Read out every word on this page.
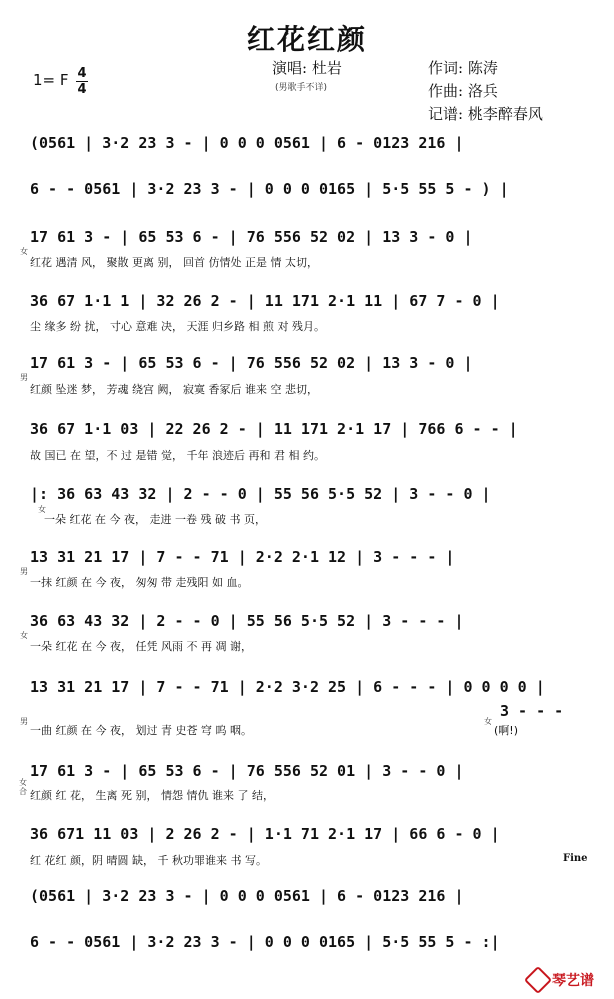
红花红颜
1= F 4
4
演唱: 杜岩
(男歌手不详)
作词: 陈涛
作曲: 洛兵
记谱: 桃李醉春风
(0561 | 3·2 23 3 - | 0 0 0 0561 | 6 - 0123 216 |
6 - - 0561 | 3·2 23 3 - | 0 0 0 0165 | 5·5 55 5 - ) |
17 61 3 - | 65 53 6 - | 76 556 52 02 | 13 3 - 0 |
女
红花 遇清 风， 聚散 更离 别， 回首 仿情处 正是 情 太切，
36 67 1·1 1 | 32 26 2 - | 11 171 2·1 11 | 67 7 - 0 |
尘 缘多 纷 扰， 寸心 意难 决， 天涯 归乡路 相 煎 对 残月。
17 61 3 - | 65 53 6 - | 76 556 52 02 | 13 3 - 0 |
男
红颜 坠迷 梦， 芳魂 绕宫 阙， 寂寞 香冢后 谁来 空 悲切，
36 67 1·1 03 | 22 26 2 - | 11 171 2·1 17 | 766 6 - - |
故 国已 在 望，不 过 是错 觉， 千年 浪迹后 再和 君 相 约。
|: 36 63 43 32 | 2 - - 0 | 55 56 5·5 52 | 3 - - 0 |
女
一朵 红花 在 今 夜， 走进 一卷 残 破 书 页，
13 31 21 17 | 7 - - 71 | 2·2 2·1 12 | 3 - - - |
男
一抹 红颜 在 今 夜， 匆匆 带 走残阳 如 血。
36 63 43 32 | 2 - - 0 | 55 56 5·5 52 | 3 - - - |
女
一朵 红花 在 今 夜， 任凭 风雨 不 再 凋 谢，
13 31 21 17 | 7 - - 71 | 2·2 3·2 25 | 6 - - - | 0 0 0 0 |
男
一曲 红颜 在 今 夜， 划过 青 史苍 穹 呜 咽。
3 - - -
女
(啊!)
17 61 3 - | 65 53 6 - | 76 556 52 01 | 3 - - 0 |
女合 红颜 红 花， 生离 死 别， 情怨 情仇 谁来 了 结，
36 671 11 03 | 2 26 2 - | 1·1 71 2·1 17 | 66 6 - 0 |
红 花红 颜，阴 晴圆 缺， 千 秋功罪谁来 书 写。	Fine
(0561 | 3·2 23 3 - | 0 0 0 0561 | 6 - 0123 216 |
6 - - 0561 | 3·2 23 3 - | 0 0 0 0165 | 5·5 55 5 - :|
琴艺谱
